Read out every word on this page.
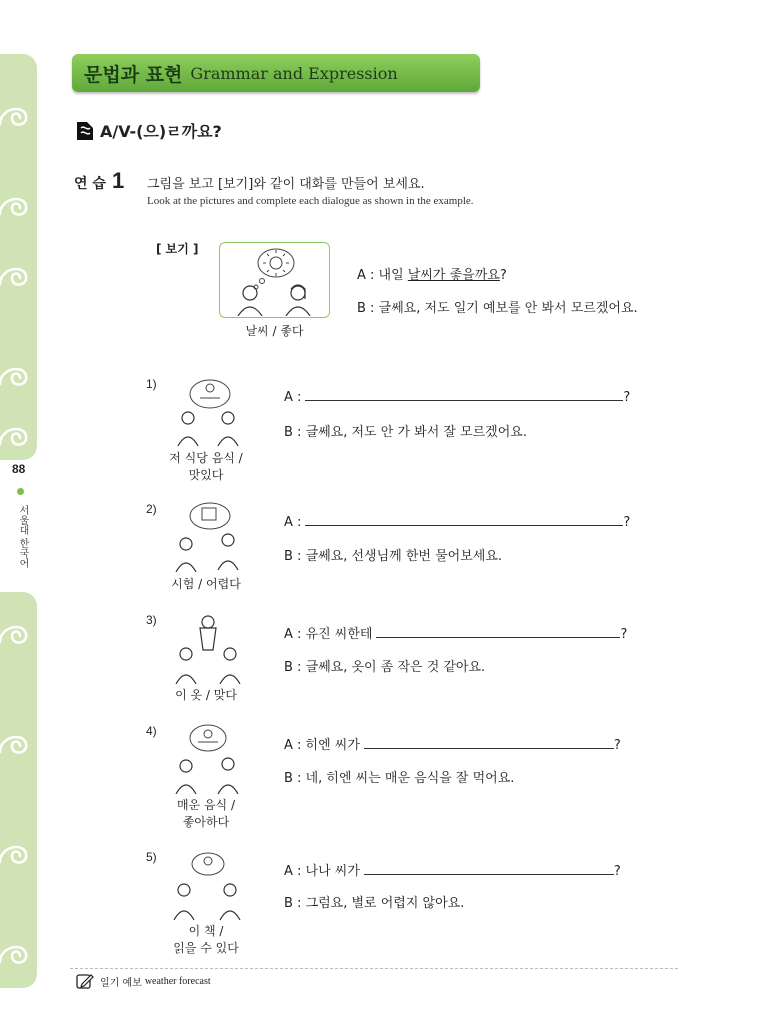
88
서울대 한국어
문법과 표현 Grammar and Expression
A/V-(으)ㄹ까요?
연 습 1 그림을 보고 [보기]와 같이 대화를 만들어 보세요.
Look at the pictures and complete each dialogue as shown in the example.
[ 보기 ]
날씨 / 좋다
A : 내일 날씨가 좋을까요?
B : 글쎄요, 저도 일기 예보를 안 봐서 모르겠어요.
1)
저 식당 음식 /
맛있다
A :	?
B : 글쎄요, 저도 안 가 봐서 잘 모르겠어요.
2)
시험 / 어렵다
A :	?
B : 글쎄요, 선생님께 한번 물어보세요.
3)
이 옷 / 맞다
A : 유진 씨한테	?
B : 글쎄요, 옷이 좀 작은 것 같아요.
4)
매운 음식 /
좋아하다
A : 히엔 씨가	?
B : 네, 히엔 씨는 매운 음식을 잘 먹어요.
5)
이 책 /
읽을 수 있다
A : 나나 씨가	?
B : 그럼요, 별로 어렵지 않아요.
일기 예보 weather forecast
